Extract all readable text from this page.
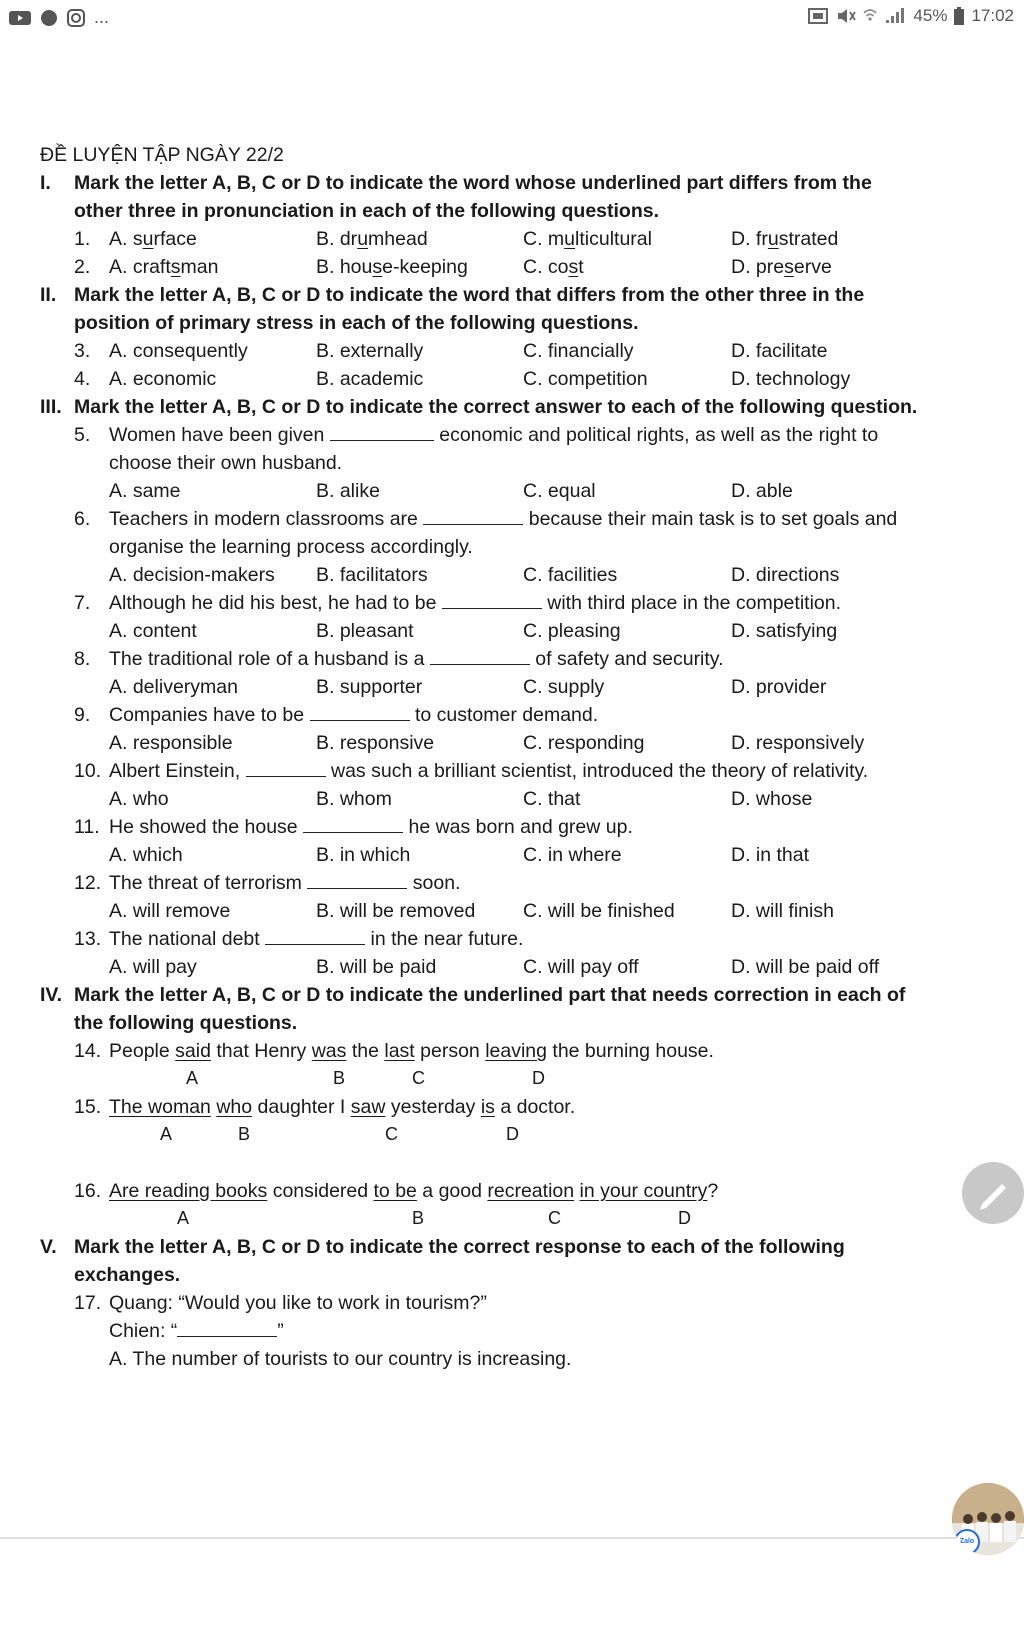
...	45% 17:02
ĐỀ LUYỆN TẬP NGÀY 22/2
I. Mark the letter A, B, C or D to indicate the word whose underlined part differs from the
other three in pronunciation in each of the following questions.
1. A. surface	B. drumhead	C. multicultural	D. frustrated
2. A. craftsman	B. house-keeping	C. cost	D. preserve
II. Mark the letter A, B, C or D to indicate the word that differs from the other three in the
position of primary stress in each of the following questions.
3. A. consequently	B. externally	C. financially	D. facilitate
4. A. economic	B. academic	C. competition	D. technology
III. Mark the letter A, B, C or D to indicate the correct answer to each of the following question.
5. Women have been given	economic and political rights, as well as the right to
choose their own husband.
A. same	B. alike	C. equal	D. able
6. Teachers in modern classrooms are	because their main task is to set goals and
organise the learning process accordingly.
A. decision-makers B. facilitators	C. facilities	D. directions
7. Although he did his best, he had to be	with third place in the competition.
A. content	B. pleasant	C. pleasing	D. satisfying
8. The traditional role of a husband is a	of safety and security.
A. deliveryman	B. supporter	C. supply	D. provider
9. Companies have to be	to customer demand.
A. responsible	B. responsive	C. responding	D. responsively
10. Albert Einstein,	was such a brilliant scientist, introduced the theory of relativity.
A. who	B. whom	C. that	D. whose
11. He showed the house	he was born and grew up.
A. which	B. in which	C. in where	D. in that
12. The threat of terrorism	soon.
A. will remove	B. will be removed C. will be finished	D. will finish
13. The national debt	in the near future.
A. will pay	B. will be paid	C. will pay off	D. will be paid off
IV. Mark the letter A, B, C or D to indicate the underlined part that needs correction in each of
the following questions.
14. People said that Henry was the last person leaving the burning house.
A	B	C	D
15. The woman who daughter I saw yesterday is a doctor.
A	B	C	D
16. Are reading books considered to be a good recreation in your country?
A	B	C	D
V. Mark the letter A, B, C or D to indicate the correct response to each of the following
exchanges.
17. Quang: “Would you like to work in tourism?”
Chien: “	”
A. The number of tourists to our country is increasing.
Zalo
